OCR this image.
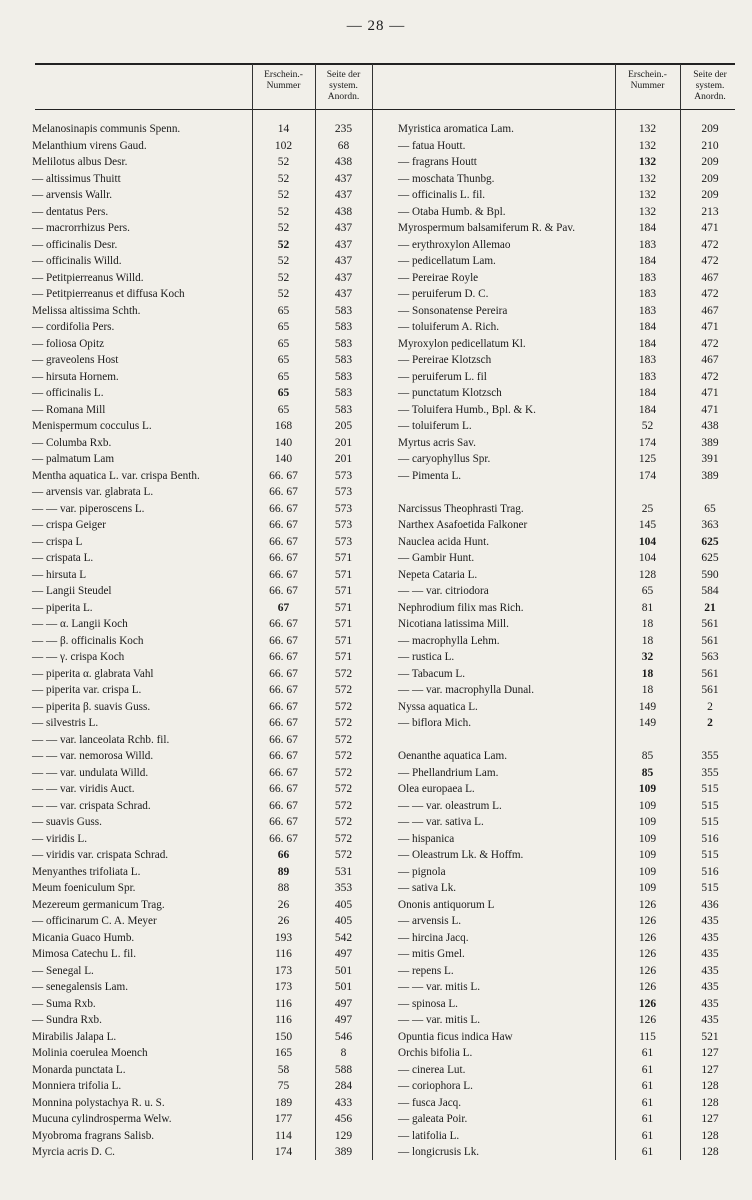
— 28 —
Erschein.- Nummer
Seite der system. Anordn.
Erschein.- Nummer
Seite der system. Anordn.
Melanosinapis communis Spenn.	14	235
Melanthium virens Gaud.	102	68
Melilotus albus Desr.	52	438
— altissimus Thuitt	52	437
— arvensis Wallr.	52	437
— dentatus Pers.	52	438
— macrorrhizus Pers.	52	437
— officinalis Desr.	52	437
— officinalis Willd.	52	437
— Petitpierreanus Willd.	52	437
— Petitpierreanus et diffusa Koch	52	437
Melissa altissima Schth.	65	583
— cordifolia Pers.	65	583
— foliosa Opitz	65	583
— graveolens Host	65	583
— hirsuta Hornem.	65	583
— officinalis L.	65	583
— Romana Mill	65	583
Menispermum cocculus L.	168	205
— Columba Rxb.	140	201
— palmatum Lam	140	201
Mentha aquatica L. var. crispa Benth.	66. 67	573
— arvensis var. glabrata L.	66. 67	573
— — var. piperoscens L.	66. 67	573
— crispa Geiger	66. 67	573
— crispa L	66. 67	573
— crispata L.	66. 67	571
— hirsuta L	66. 67	571
— Langii Steudel	66. 67	571
— piperita L.	67	571
— — α. Langii Koch	66. 67	571
— — β. officinalis Koch	66. 67	571
— — γ. crispa Koch	66. 67	571
— piperita α. glabrata Vahl	66. 67	572
— piperita var. crispa L.	66. 67	572
— piperita β. suavis Guss.	66. 67	572
— silvestris L.	66. 67	572
— — var. lanceolata Rchb. fil.	66. 67	572
— — var. nemorosa Willd.	66. 67	572
— — var. undulata Willd.	66. 67	572
— — var. viridis Auct.	66. 67	572
— — var. crispata Schrad.	66. 67	572
— suavis Guss.	66. 67	572
— viridis L.	66. 67	572
— viridis var. crispata Schrad.	66	572
Menyanthes trifoliata L.	89	531
Meum foeniculum Spr.	88	353
Mezereum germanicum Trag.	26	405
— officinarum C. A. Meyer	26	405
Micania Guaco Humb.	193	542
Mimosa Catechu L. fil.	116	497
— Senegal L.	173	501
— senegalensis Lam.	173	501
— Suma Rxb.	116	497
— Sundra Rxb.	116	497
Mirabilis Jalapa L.	150	546
Molinia coerulea Moench	165	8
Monarda punctata L.	58	588
Monniera trifolia L.	75	284
Monnina polystachya R. u. S.	189	433
Mucuna cylindrosperma Welw.	177	456
Myobroma fragrans Salisb.	114	129
Myrcia acris D. C.	174	389
Myristica aromatica Lam.	132	209
— fatua Houtt.	132	210
— fragrans Houtt	132	209
— moschata Thunbg.	132	209
— officinalis L. fil.	132	209
— Otaba Humb. & Bpl.	132	213
Myrospermum balsamiferum R. & Pav.	184	471
— erythroxylon Allemao	183	472
— pedicellatum Lam.	184	472
— Pereirae Royle	183	467
— peruiferum D. C.	183	472
— Sonsonatense Pereira	183	467
— toluiferum A. Rich.	184	471
Myroxylon pedicellatum Kl.	184	472
— Pereirae Klotzsch	183	467
— peruiferum L. fil	183	472
— punctatum Klotzsch	184	471
— Toluifera Humb., Bpl. & K.	184	471
— toluiferum L.	52	438
Myrtus acris Sav.	174	389
— caryophyllus Spr.	125	391
— Pimenta L.	174	389
Narcissus Theophrasti Trag.	25	65
Narthex Asafoetida Falkoner	145	363
Nauclea acida Hunt.	104	625
— Gambir Hunt.	104	625
Nepeta Cataria L.	128	590
— — var. citriodora	65	584
Nephrodium filix mas Rich.	81	21
Nicotiana latissima Mill.	18	561
— macrophylla Lehm.	18	561
— rustica L.	32	563
— Tabacum L.	18	561
— — var. macrophylla Dunal.	18	561
Nyssa aquatica L.	149	2
— biflora Mich.	149	2
Oenanthe aquatica Lam.	85	355
— Phellandrium Lam.	85	355
Olea europaea L.	109	515
— — var. oleastrum L.	109	515
— — var. sativa L.	109	515
— hispanica	109	516
— Oleastrum Lk. & Hoffm.	109	515
— pignola	109	516
— sativa Lk.	109	515
Ononis antiquorum L	126	436
— arvensis L.	126	435
— hircina Jacq.	126	435
— mitis Gmel.	126	435
— repens L.	126	435
— — var. mitis L.	126	435
— spinosa L.	126	435
— — var. mitis L.	126	435
Opuntia ficus indica Haw	115	521
Orchis bifolia L.	61	127
— cinerea Lut.	61	127
— coriophora L.	61	128
— fusca Jacq.	61	128
— galeata Poir.	61	127
— latifolia L.	61	128
— longicrusis Lk.	61	128
